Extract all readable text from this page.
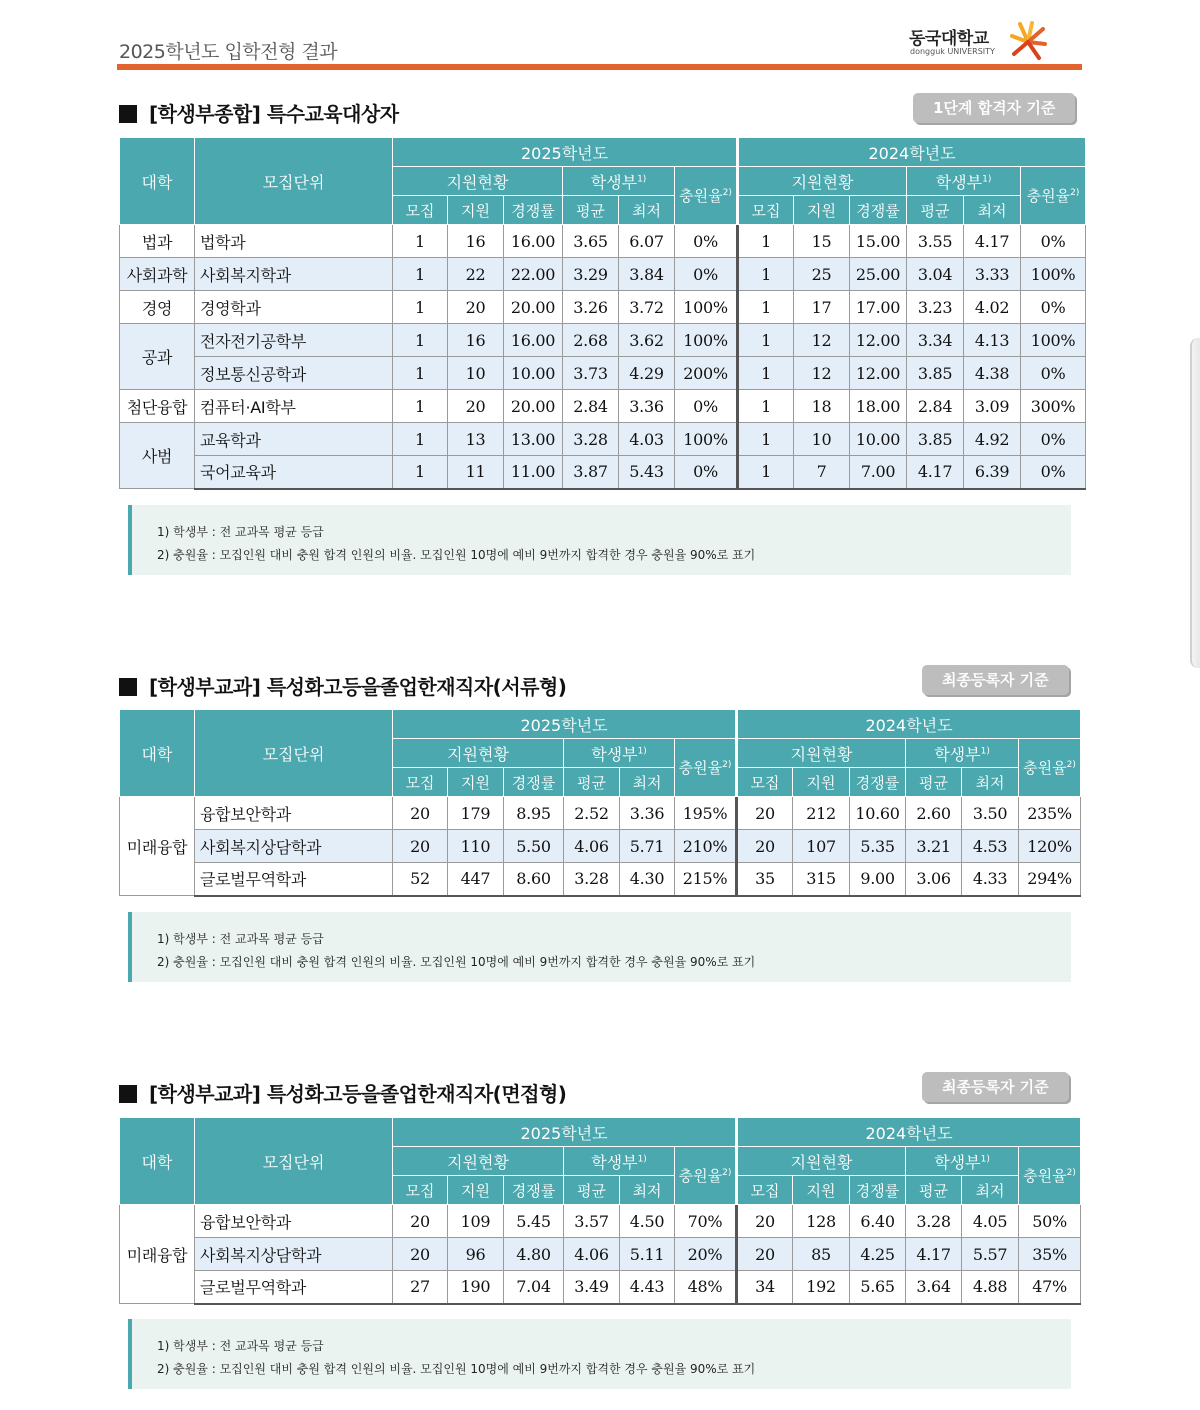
2025학년도 입학전형 결과
동국대학교
dongguk UNIVERSITY
[학생부종합] 특수교육대상자	1단계 합격자 기준
대학	모집단위	2025학년도						2024학년도					
		지원현황			학생부$^{1)}$		충원율$^{2)}$	지원현황			학생부$^{1)}$		충원율$^{2)}$
		모집	지원	경쟁률	평균	최저		모집	지원	경쟁률	평균	최저	
법과	법학과	1	16	16.00	3.65	6.07	0%	1	15	15.00	3.55	4.17	0%
사회과학	사회복지학과	1	22	22.00	3.29	3.84	0%	1	25	25.00	3.04	3.33	100%
경영	경영학과	1	20	20.00	3.26	3.72	100%	1	17	17.00	3.23	4.02	0%
공과	전자전기공학부	1	16	16.00	2.68	3.62	100%	1	12	12.00	3.34	4.13	100%
	정보통신공학과	1	10	10.00	3.73	4.29	200%	1	12	12.00	3.85	4.38	0%
첨단융합	컴퓨터·AI학부	1	20	20.00	2.84	3.36	0%	1	18	18.00	2.84	3.09	300%
사범	교육학과	1	13	13.00	3.28	4.03	100%	1	10	10.00	3.85	4.92	0%
	국어교육과	1	11	11.00	3.87	5.43	0%	1	7	7.00	4.17	6.39	0%
1) 학생부 : 전 교과목 평균 등급
2) 충원율 : 모집인원 대비 충원 합격 인원의 비율. 모집인원 10명에 예비 9번까지 합격한 경우 충원율 90%로 표기
[학생부교과] 특성화고등을졸업한재직자(서류형)	최종등록자 기준
대학	모집단위	2025학년도						2024학년도					
		지원현황			학생부$^{1)}$		충원율$^{2)}$	지원현황			학생부$^{1)}$		충원율$^{2)}$
		모집	지원	경쟁률	평균	최저		모집	지원	경쟁률	평균	최저	
미래융합	융합보안학과	20	179	8.95	2.52	3.36	195%	20	212	10.60	2.60	3.50	235%
	사회복지상담학과	20	110	5.50	4.06	5.71	210%	20	107	5.35	3.21	4.53	120%
	글로벌무역학과	52	447	8.60	3.28	4.30	215%	35	315	9.00	3.06	4.33	294%
1) 학생부 : 전 교과목 평균 등급
2) 충원율 : 모집인원 대비 충원 합격 인원의 비율. 모집인원 10명에 예비 9번까지 합격한 경우 충원율 90%로 표기
[학생부교과] 특성화고등을졸업한재직자(면접형)	최종등록자 기준
대학	모집단위	2025학년도						2024학년도					
		지원현황			학생부$^{1)}$		충원율$^{2)}$	지원현황			학생부$^{1)}$		충원율$^{2)}$
		모집	지원	경쟁률	평균	최저		모집	지원	경쟁률	평균	최저	
미래융합	융합보안학과	20	109	5.45	3.57	4.50	70%	20	128	6.40	3.28	4.05	50%
	사회복지상담학과	20	96	4.80	4.06	5.11	20%	20	85	4.25	4.17	5.57	35%
	글로벌무역학과	27	190	7.04	3.49	4.43	48%	34	192	5.65	3.64	4.88	47%
1) 학생부 : 전 교과목 평균 등급
2) 충원율 : 모집인원 대비 충원 합격 인원의 비율. 모집인원 10명에 예비 9번까지 합격한 경우 충원율 90%로 표기
